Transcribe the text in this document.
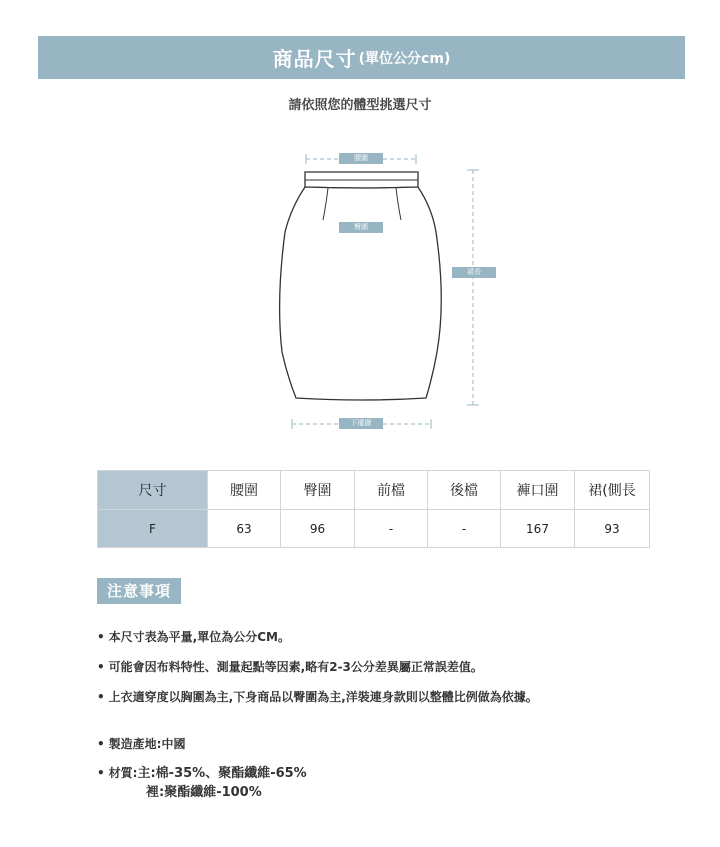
商品尺寸 (單位公分cm)
請依照您的體型挑選尺寸
腰圍
臀圍
裙長
下擺圍
尺寸	腰圍	臀圍	前檔	後檔	褲口圍	裙(側長
F	63	96	-	-	167	93
注意事項
• 本尺寸表為平量,單位為公分CM。
• 可能會因布料特性、測量起點等因素,略有2-3公分差異屬正常誤差值。
• 上衣適穿度以胸圍為主,下身商品以臀圍為主,洋裝連身款則以整體比例做為依據。
• 製造產地:中國
• 材質:主:棉-35%、聚酯纖維-65%
裡:聚酯纖維-100%
